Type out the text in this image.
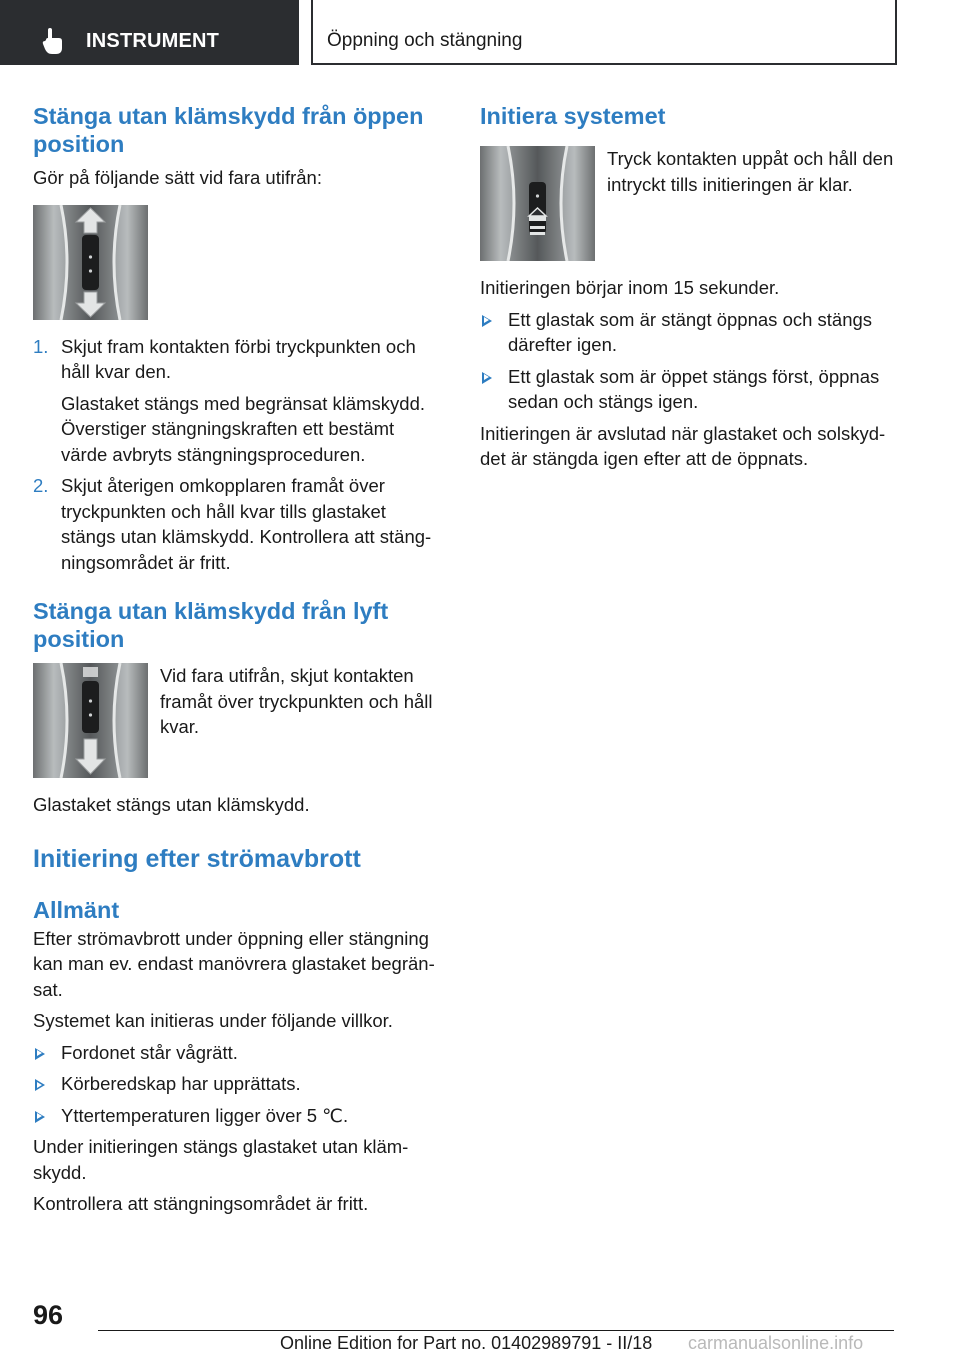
INSTRUMENT	Öppning och stängning
Stänga utan klämskydd från öppen position

Gör på följande sätt vid fara utifrån:

1. Skjut fram kontakten förbi tryckpunkten och håll kvar den.

Glastaket stängs med begränsat klämskydd. Överstiger stängningskraften ett bestämt värde avbryts stängningsproceduren.

2. Skjut återigen omkopplaren framåt över tryckpunkten och håll kvar tills glastaket stängs utan klämskydd. Kontrollera att stäng‐ningsområdet är fritt.

Stänga utan klämskydd från lyft position

Vid fara utifrån, skjut kontakten framåt över tryckpunkten och håll kvar.

Glastaket stängs utan klämskydd.

Initiering efter strömavbrott
Allmänt

Efter strömavbrott under öppning eller stängning kan man ev. endast manövrera glastaket begrän‐sat.

Systemet kan initieras under följande villkor.

Fordonet står vågrätt.

Körberedskap har upprättats.

Yttertemperaturen ligger över 5 ℃.

Under initieringen stängs glastaket utan kläm‐skydd.

Kontrollera att stängningsområdet är fritt.

Initiera systemet

Tryck kontakten uppåt och håll den intryckt tills initieringen är klar.

Initieringen börjar inom 15 sekunder.

Ett glastak som är stängt öppnas och stängs därefter igen.

Ett glastak som är öppet stängs först, öppnas sedan och stängs igen.

Initieringen är avslutad när glastaket och solskyd‐det är stängda igen efter att de öppnats.

96
Online Edition for Part no. 01402989791 - II/18 carmanualsonline.info
